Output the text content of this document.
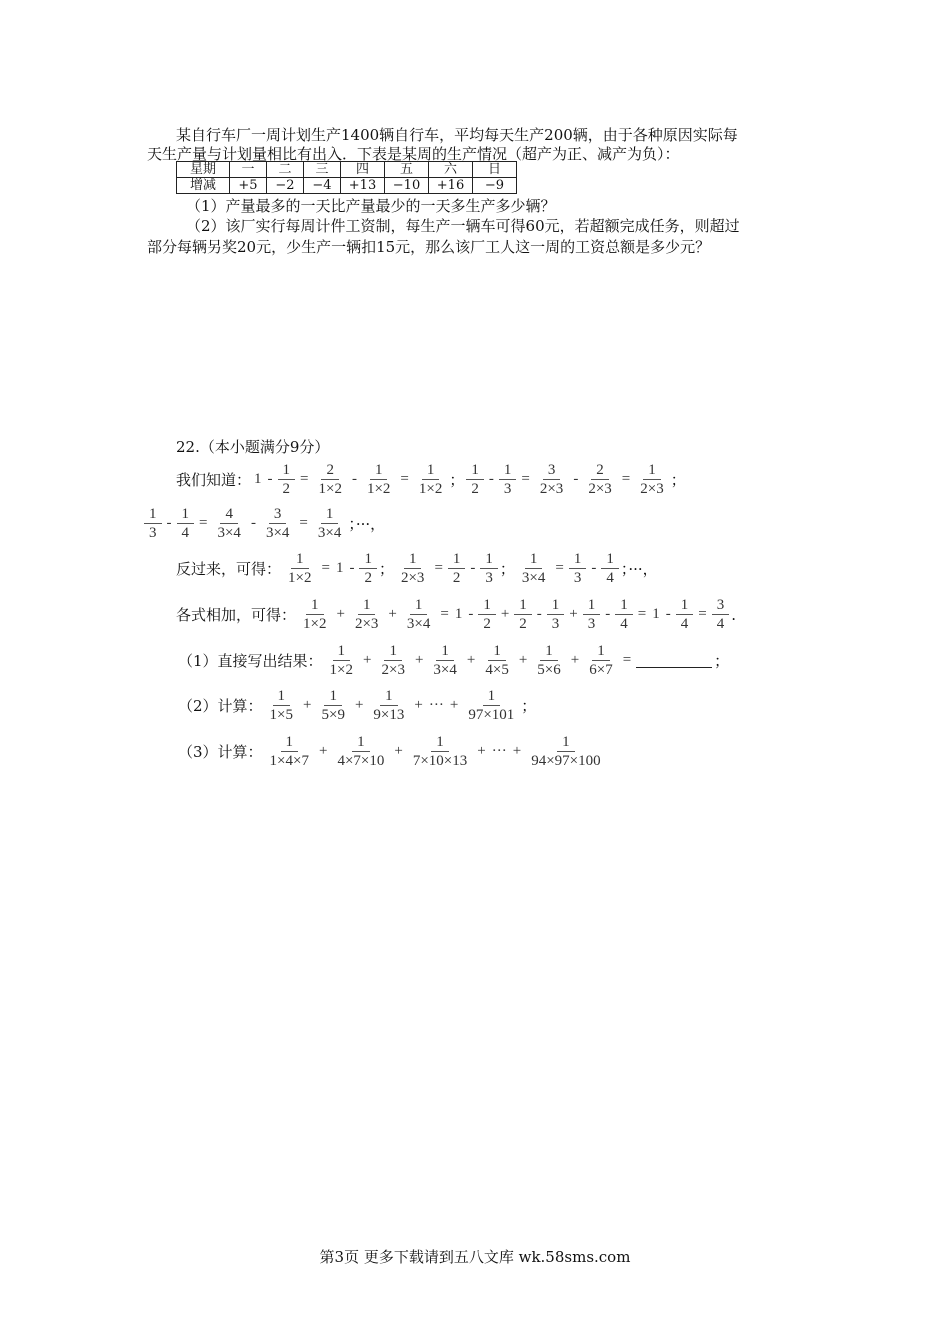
某自行车厂一周计划生产1400辆自行车，平均每天生产200辆，由于各种原因实际每
天生产量与计划量相比有出入．下表是某周的生产情况（超产为正、减产为负）：
星期	一	二	三	四	五	六	日
增减	+5	−2	−4	+13	−10	+16	−9
（1）产量最多的一天比产量最少的一天多生产多少辆？
（2）该厂实行每周计件工资制，每生产一辆车可得60元，若超额完成任务，则超过
部分每辆另奖20元，少生产一辆扣15元，那么该厂工人这一周的工资总额是多少元？
22.（本小题满分9分）
我们知道： $1 - \frac{1}{2} = \frac{2}{1\times 2} - \frac{1}{1\times 2} = \frac{1}{1\times 2}$ ； $\frac{1}{2} - \frac{1}{3} = \frac{3}{2\times 3} - \frac{2}{2\times 3} = \frac{1}{2\times 3}$ ；
$\frac{1}{3} - \frac{1}{4} = \frac{4}{3\times 4} - \frac{3}{3\times 4} = \frac{1}{3\times 4}$ ；···，
反过来，可得： $\frac{1}{1\times 2} = 1 - \frac{1}{2}$ ； $\frac{1}{2\times 3} = \frac{1}{2} - \frac{1}{3}$ ； $\frac{1}{3\times 4} = \frac{1}{3} - \frac{1}{4}$ ；···，
各式相加，可得： $\frac{1}{1\times 2} + \frac{1}{2\times 3} + \frac{1}{3\times 4} = 1 - \frac{1}{2} + \frac{1}{2} - \frac{1}{3} + \frac{1}{3} - \frac{1}{4} = 1 - \frac{1}{4} = \frac{3}{4}$ .
（1）直接写出结果： $\frac{1}{1\times 2} + \frac{1}{2\times 3} + \frac{1}{3\times 4} + \frac{1}{4\times 5} + \frac{1}{5\times 6} + \frac{1}{6\times 7}$ =	；
（2）计算： $\frac{1}{1\times 5} + \frac{1}{5\times 9} + \frac{1}{9\times 13}$ + ··· + $\frac{1}{97\times 101}$ ；
（3）计算： $\frac{1}{1\times 4\times 7} + \frac{1}{4\times 7\times 10} + \frac{1}{7\times 10\times 13}$ + ··· + $\frac{1}{94\times 97\times 100}$
第3页 更多下载请到五八文库 wk.58sms.com
